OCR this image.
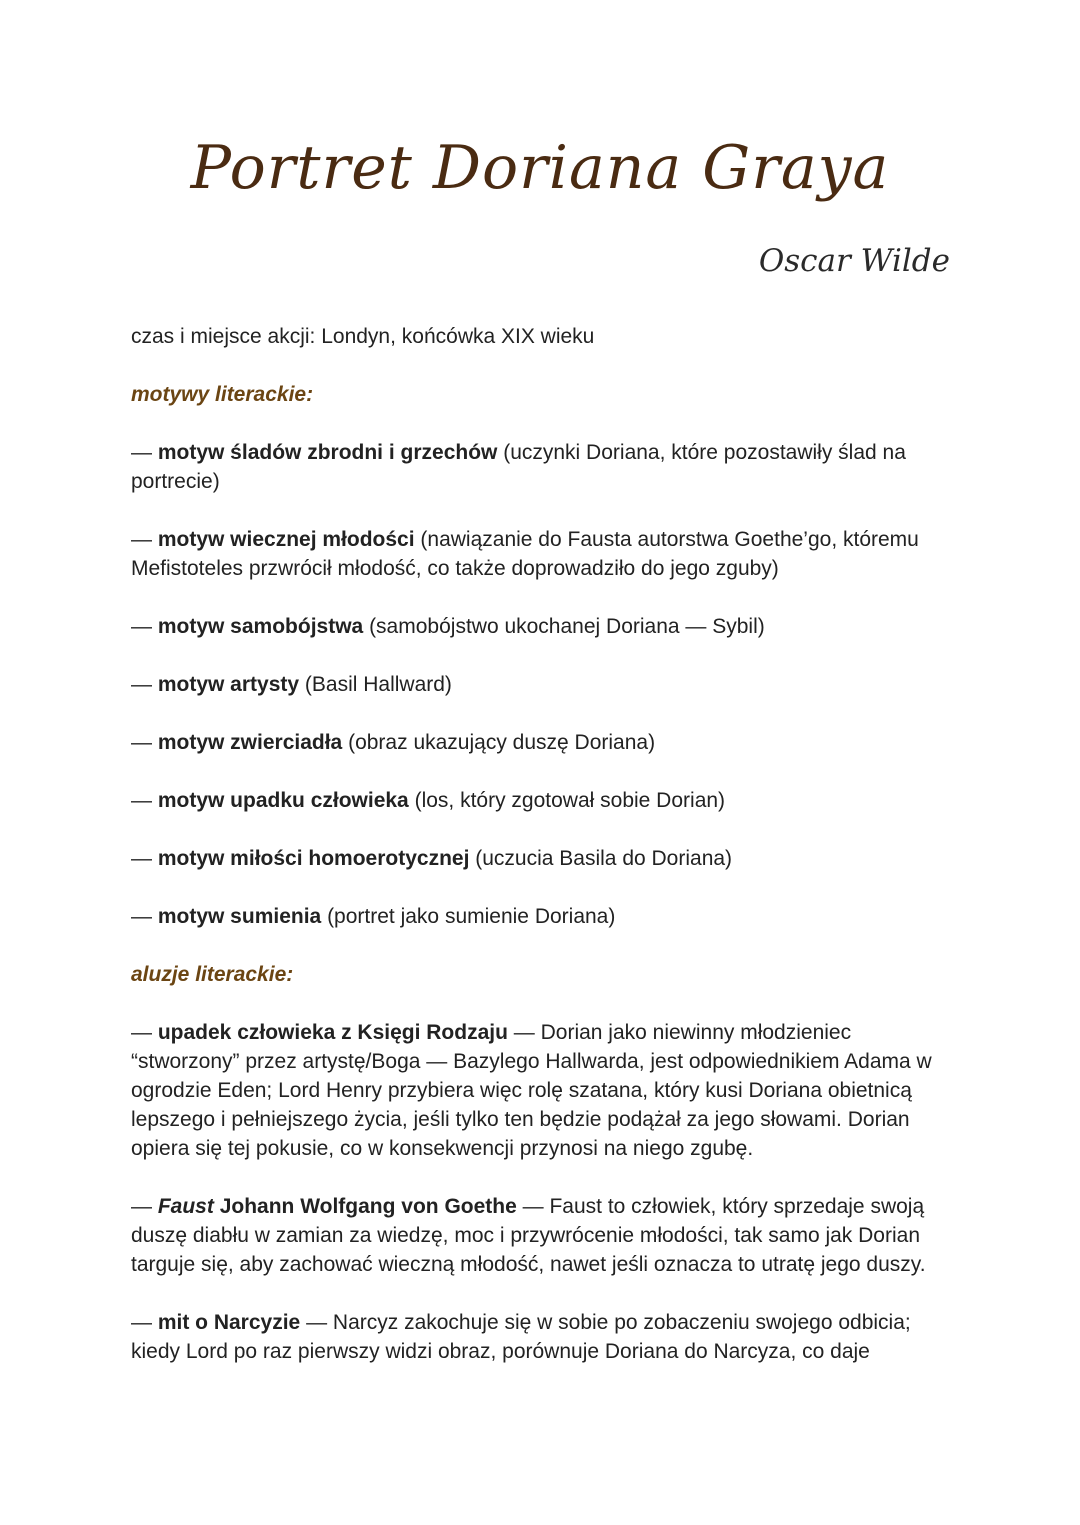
Portret Doriana Graya
Oscar Wilde

czas i miejsce akcji: Londyn, końcówka XIX wieku

motywy literackie:

— motyw śladów zbrodni i grzechów (uczynki Doriana, które pozostawiły ślad na portrecie)

— motyw wiecznej młodości (nawiązanie do Fausta autorstwa Goethe’go, któremu Mefistoteles przwrócił młodość, co także doprowadziło do jego zguby)

— motyw samobójstwa (samobójstwo ukochanej Doriana — Sybil)

— motyw artysty (Basil Hallward)

— motyw zwierciadła (obraz ukazujący duszę Doriana)

— motyw upadku człowieka (los, który zgotował sobie Dorian)

— motyw miłości homoerotycznej (uczucia Basila do Doriana)

— motyw sumienia (portret jako sumienie Doriana)

aluzje literackie:

— upadek człowieka z Księgi Rodzaju — Dorian jako niewinny młodzieniec “stworzony” przez artystę/Boga — Bazylego Hallwarda, jest odpowiednikiem Adama w ogrodzie Eden; Lord Henry przybiera więc rolę szatana, który kusi Doriana obietnicą lepszego i pełniejszego życia, jeśli tylko ten będzie podążał za jego słowami. Dorian opiera się tej pokusie, co w konsekwencji przynosi na niego zgubę.

— Faust Johann Wolfgang von Goethe — Faust to człowiek, który sprzedaje swoją duszę diabłu w zamian za wiedzę, moc i przywrócenie młodości, tak samo jak Dorian targuje się, aby zachować wieczną młodość, nawet jeśli oznacza to utratę jego duszy.

— mit o Narcyzie — Narcyz zakochuje się w sobie po zobaczeniu swojego odbicia; kiedy Lord po raz pierwszy widzi obraz, porównuje Doriana do Narcyza, co daje
